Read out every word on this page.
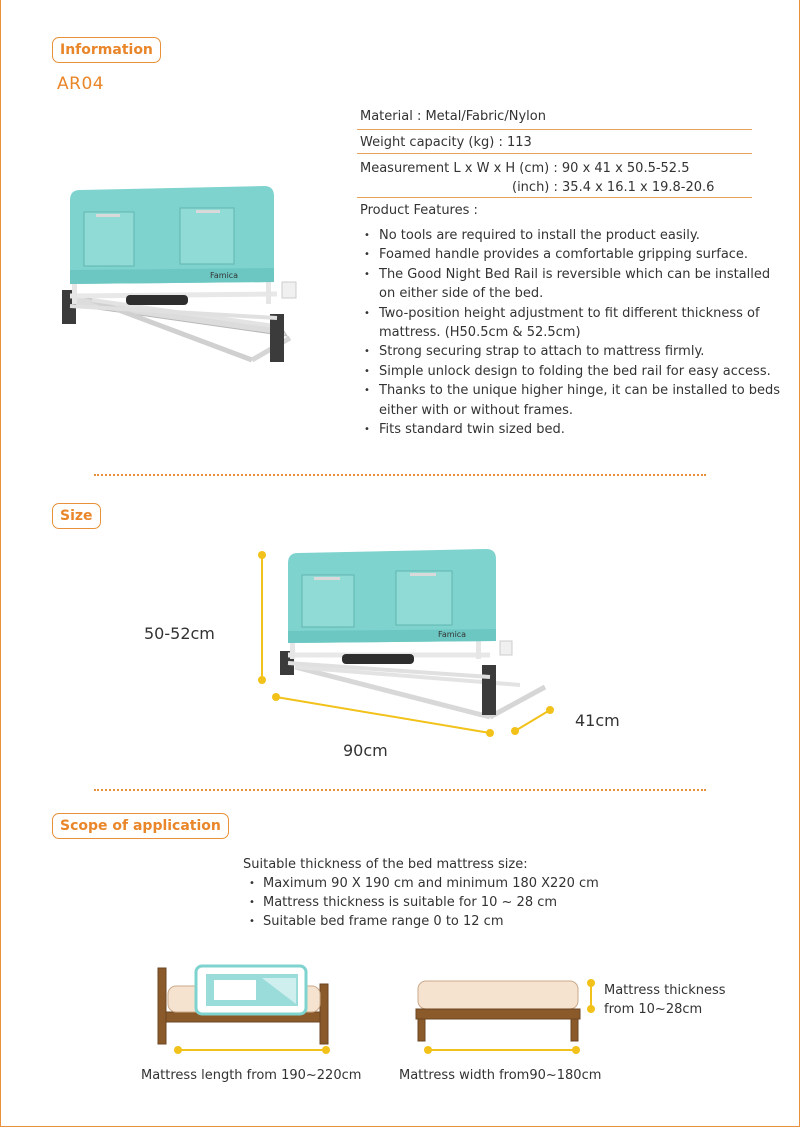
Information
AR04
Famica
Material : Metal/Fabric/Nylon
Weight capacity (kg) : 113
Measurement L x W x H (cm) : 90 x 41 x 50.5-52.5
(inch) : 35.4 x 16.1 x 19.8-20.6
Product Features :
• No tools are required to install the product easily.
• Foamed handle provides a comfortable gripping surface.
• The Good Night Bed Rail is reversible which can be installed on either side of the bed.
• Two-position height adjustment to fit different thickness of mattress. (H50.5cm & 52.5cm)
• Strong securing strap to attach to mattress firmly.
• Simple unlock design to folding the bed rail for easy access.
• Thanks to the unique higher hinge, it can be installed to beds either with or without frames.
• Fits standard twin sized bed.
Size
Famica
50-52cm
90cm
41cm
Scope of application
Suitable thickness of the bed mattress size:
• Maximum 90 X 190 cm and minimum 180 X220 cm
• Mattress thickness is suitable for 10 ~ 28 cm
• Suitable bed frame range 0 to 12 cm
Mattress length from 190~220cm	Mattress width from90~180cm
Mattress thickness
from 10~28cm
